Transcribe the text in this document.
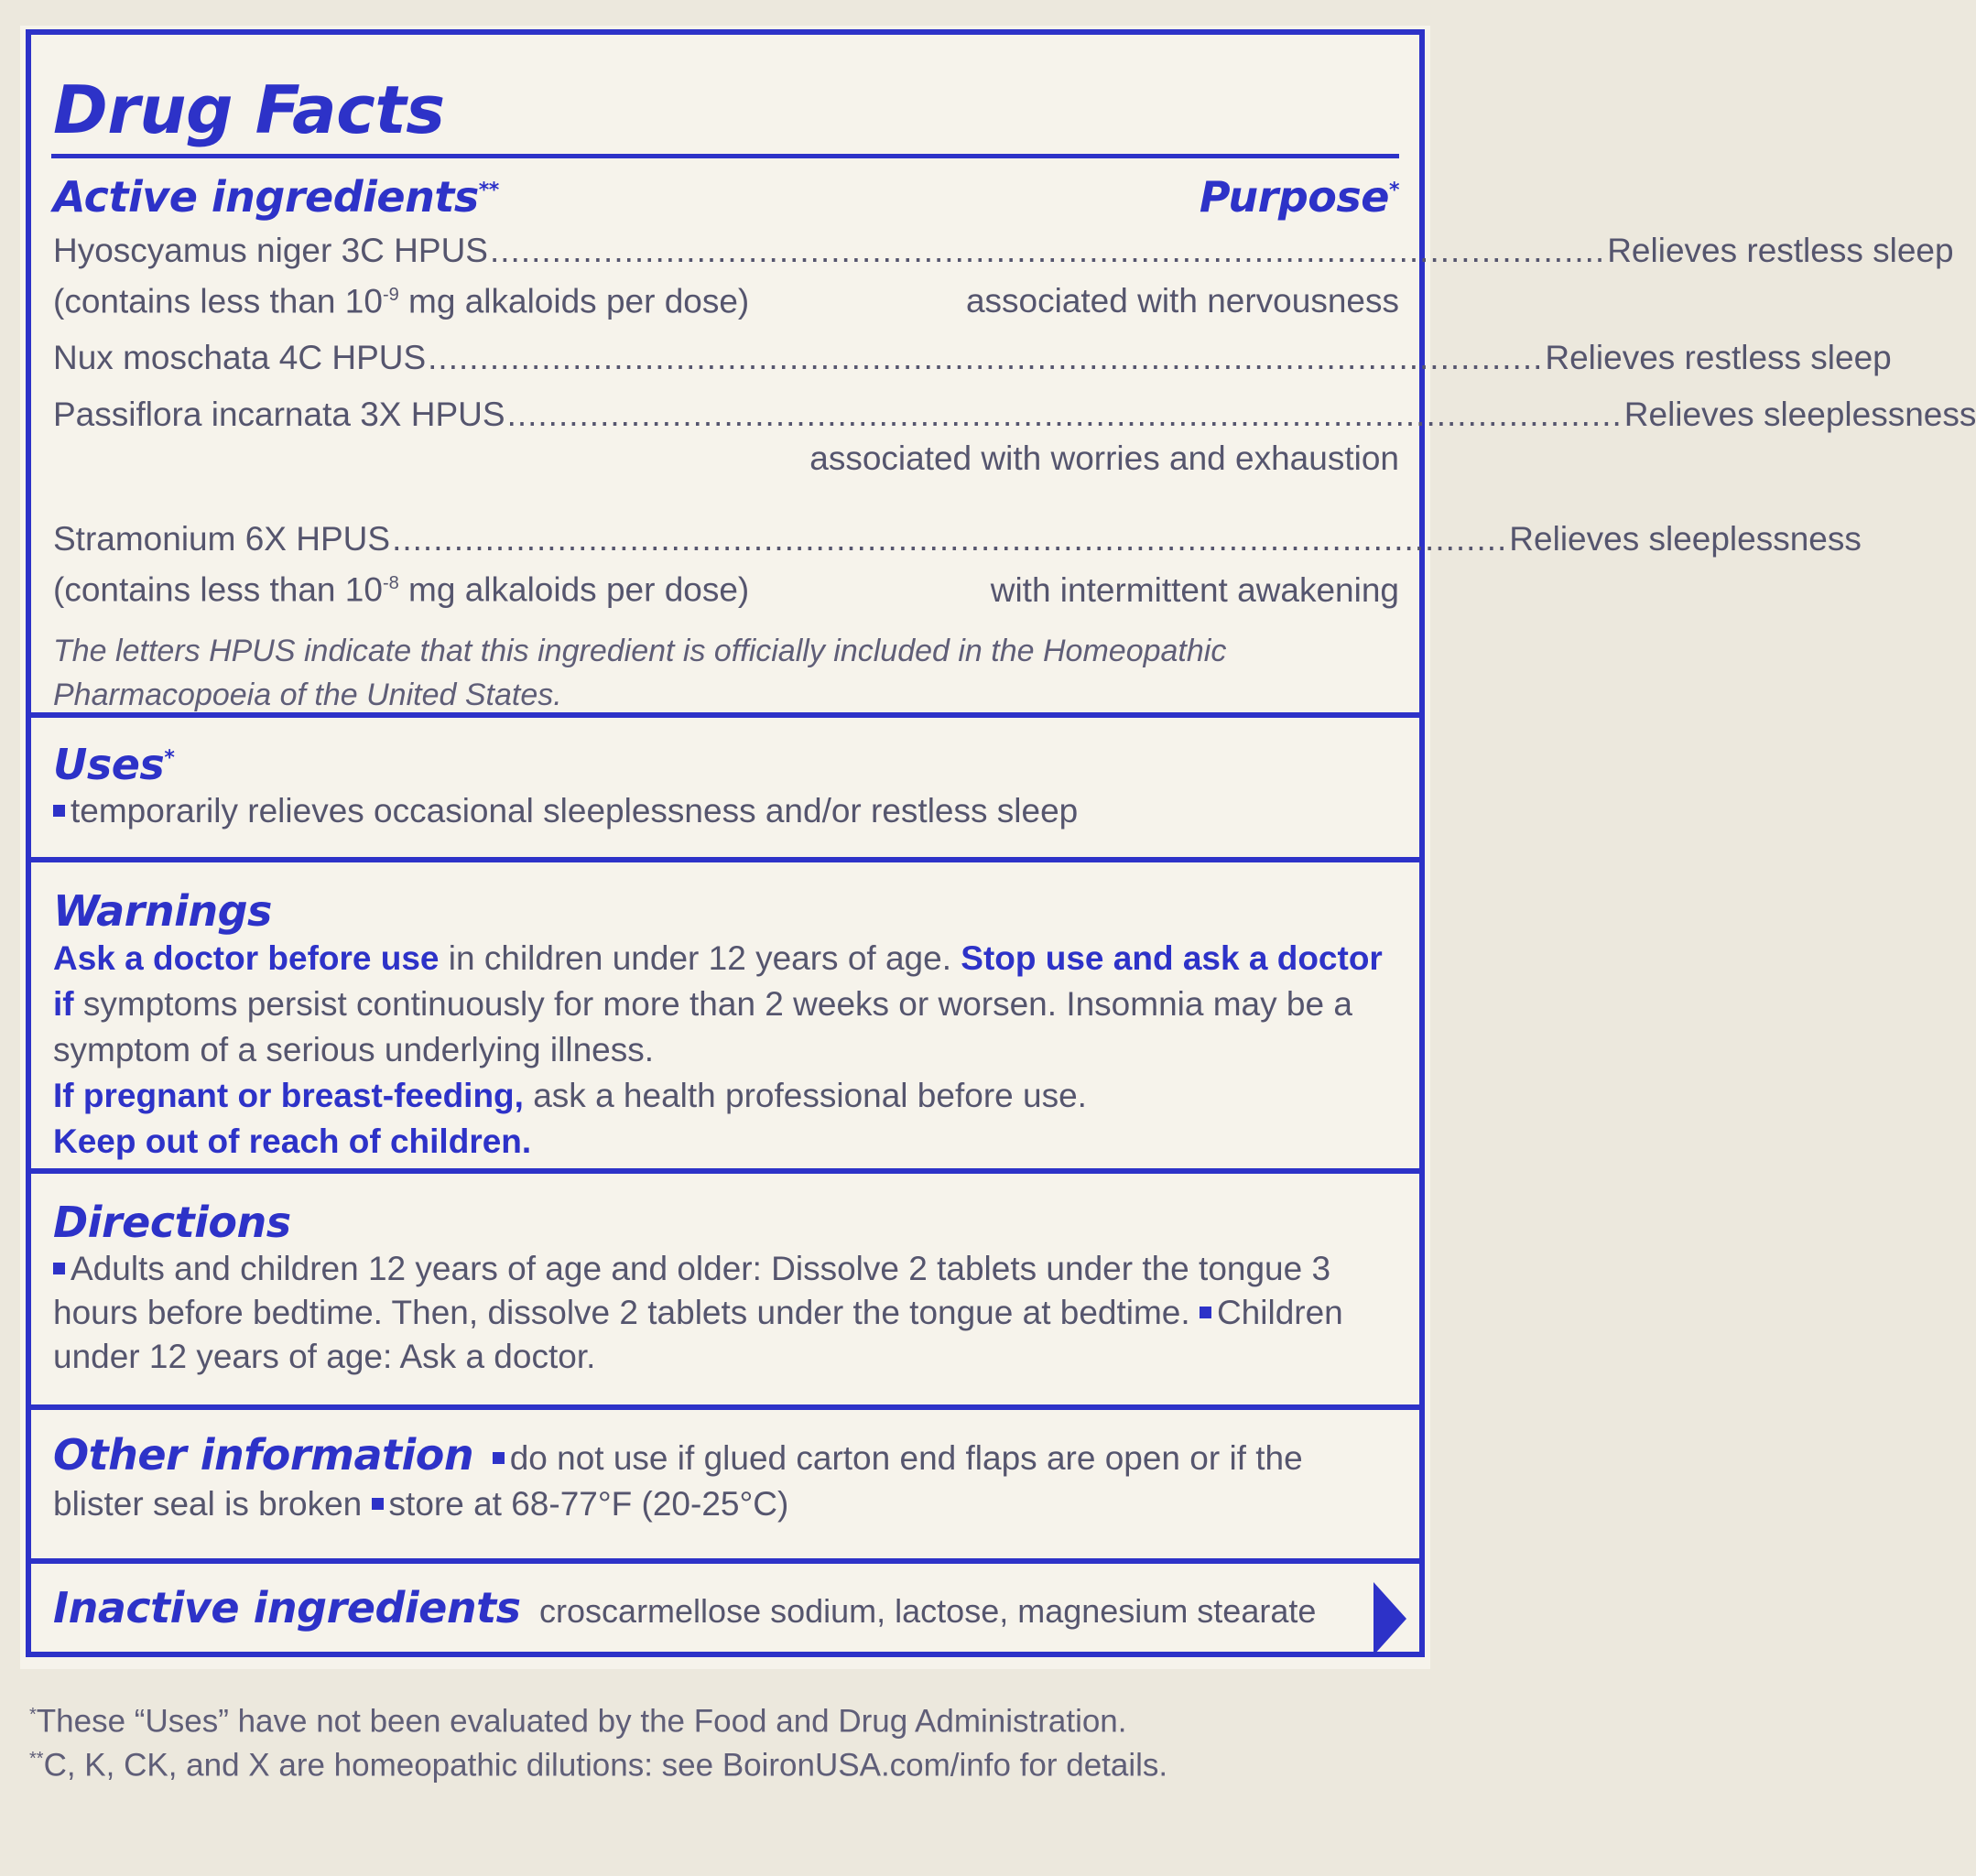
Drug Facts
Active ingredients**	Purpose*
Hyoscyamus niger 3C HPUS ............................................................................................................ Relieves restless sleep
(contains less than $10^{-9}$ mg alkaloids per dose)	associated with nervousness
Nux moschata 4C HPUS ............................................................................................................ Relieves restless sleep
Passiflora incarnata 3X HPUS ............................................................................................................ Relieves sleeplessness
associated with worries and exhaustion
Stramonium 6X HPUS ............................................................................................................ Relieves sleeplessness
(contains less than $10^{-8}$ mg alkaloids per dose)	with intermittent awakening
The letters HPUS indicate that this ingredient is officially included in the Homeopathic Pharmacopoeia of the United States.
Uses*
temporarily relieves occasional sleeplessness and/or restless sleep
Warnings
Ask a doctor before use in children under 12 years of age. Stop use and ask a doctor if symptoms persist continuously for more than 2 weeks or worsen. Insomnia may be a symptom of a serious underlying illness.
If pregnant or breast-feeding, ask a health professional before use.
Keep out of reach of children.
Directions
Adults and children 12 years of age and older: Dissolve 2 tablets under the tongue 3 hours before bedtime. Then, dissolve 2 tablets under the tongue at bedtime. Children under 12 years of age: Ask a doctor.
Other information do not use if glued carton end flaps are open or if the blister seal is broken store at 68-77°F (20-25°C)
Inactive ingredients croscarmellose sodium, lactose, magnesium stearate
*These “Uses” have not been evaluated by the Food and Drug Administration.
**C, K, CK, and X are homeopathic dilutions: see BoironUSA.com/info for details.
